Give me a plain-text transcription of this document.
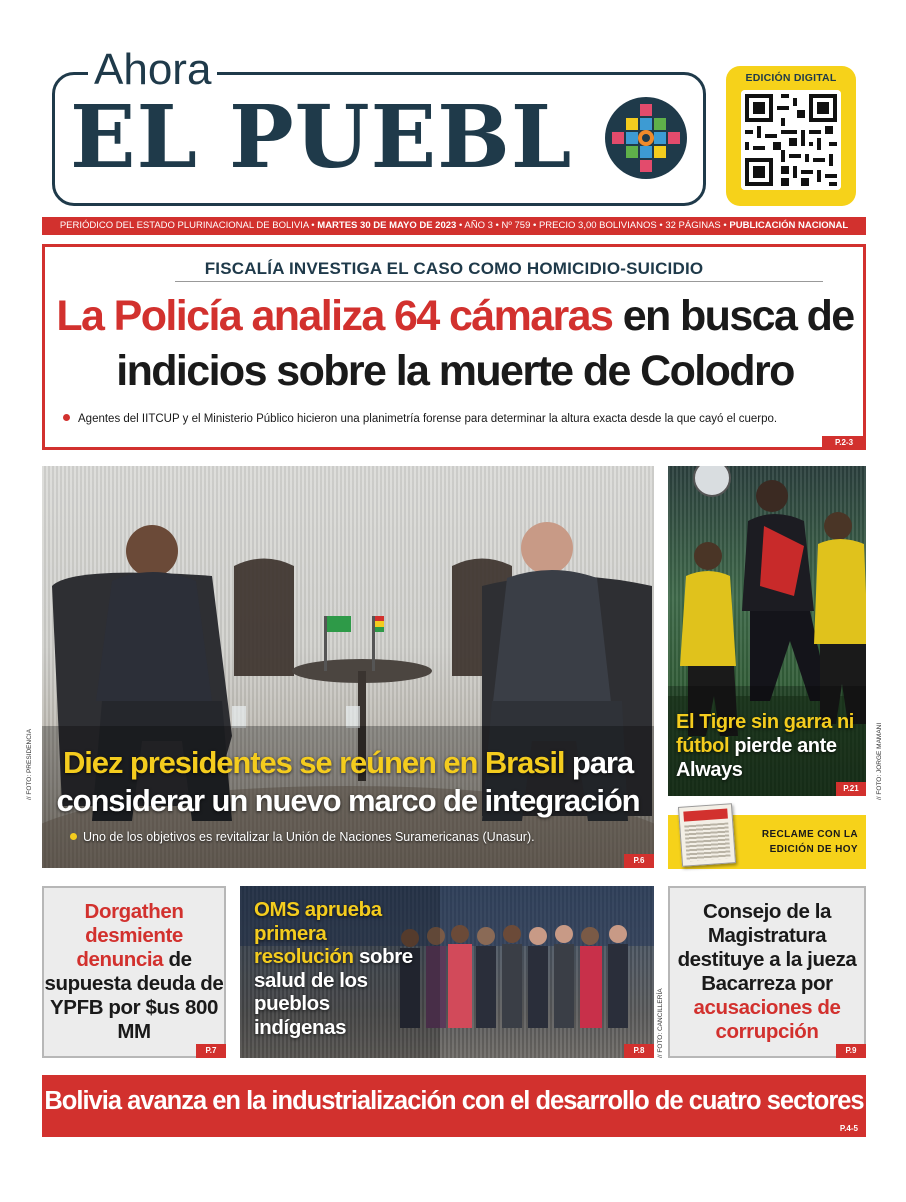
Ahora
EL PUEBL
EDICIÓN DIGITAL
PERIÓDICO DEL ESTADO PLURINACIONAL DE BOLIVIA • MARTES 30 DE MAYO DE 2023 • AÑO 3 • Nº 759 • PRECIO 3,00 BOLIVIANOS • 32 PÁGINAS • PUBLICACIÓN NACIONAL
FISCALÍA INVESTIGA EL CASO COMO HOMICIDIO-SUICIDIO
La Policía analiza 64 cámaras en busca de indicios sobre la muerte de Colodro
Agentes del IITCUP y el Ministerio Público hicieron una planimetría forense para determinar la altura exacta desde la que cayó el cuerpo.
P.2-3
Diez presidentes se reúnen en Brasil para considerar un nuevo marco de integración
Uno de los objetivos es revitalizar la Unión de Naciones Suramericanas (Unasur).
P.6
// FOTO: PRESIDENCIA
El Tigre sin garra ni fútbol pierde ante Always
P.21	// FOTO: JORGE MAMANI
RECLAME CON LA EDICIÓN DE HOY
Dorgathen desmiente denuncia de supuesta deuda de YPFB por $us 800 MM
P.7
OMS aprueba primera resolución sobre salud de los pueblos indígenas
P.8	// FOTO: CANCILLERÍA
Consejo de la Magistratura destituye a la jueza Bacarreza por acusaciones de corrupción
P.9
Bolivia avanza en la industrialización con el desarrollo de cuatro sectores
P.4-5
